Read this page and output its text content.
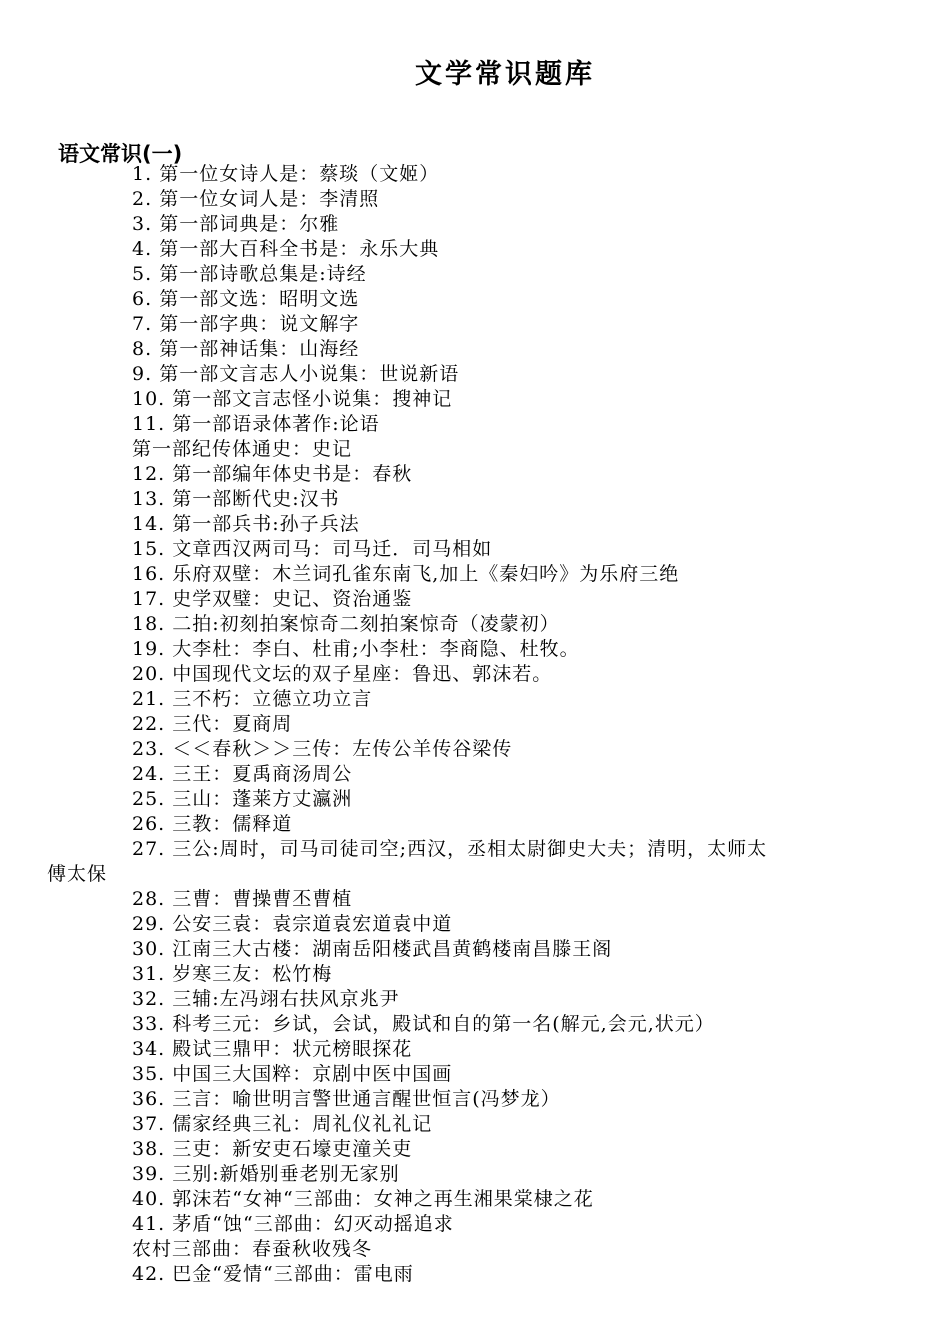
文学常识题库
语文常识(一)
1. 第一位女诗人是：蔡琰（文姬）
2. 第一位女词人是：李清照
3. 第一部词典是：尔雅
4. 第一部大百科全书是：永乐大典
5. 第一部诗歌总集是:诗经
6. 第一部文选：昭明文选
7. 第一部字典：说文解字
8. 第一部神话集：山海经
9. 第一部文言志人小说集：世说新语
10. 第一部文言志怪小说集：搜神记
11. 第一部语录体著作:论语
第一部纪传体通史：史记
12. 第一部编年体史书是：春秋
13. 第一部断代史:汉书
14. 第一部兵书:孙子兵法
15. 文章西汉两司马：司马迁．司马相如
16. 乐府双壁：木兰词孔雀东南飞,加上《秦妇吟》为乐府三绝
17. 史学双璧：史记、资治通鉴
18. 二拍:初刻拍案惊奇二刻拍案惊奇（凌蒙初）
19. 大李杜：李白、杜甫;小李杜：李商隐、杜牧。
20. 中国现代文坛的双子星座：鲁迅、郭沫若。
21. 三不朽：立德立功立言
22. 三代：夏商周
23. ＜＜春秋＞＞三传：左传公羊传谷梁传
24. 三王：夏禹商汤周公
25. 三山：蓬莱方丈瀛洲
26. 三教：儒释道
27. 三公:周时，司马司徒司空;西汉，丞相太尉御史大夫；清明，太师太
傅太保
28. 三曹：曹操曹丕曹植
29. 公安三袁：袁宗道袁宏道袁中道
30. 江南三大古楼：湖南岳阳楼武昌黄鹤楼南昌滕王阁
31. 岁寒三友：松竹梅
32. 三辅:左冯翊右扶风京兆尹
33. 科考三元：乡试，会试，殿试和自的第一名(解元,会元,状元）
34. 殿试三鼎甲：状元榜眼探花
35. 中国三大国粹：京剧中医中国画
36. 三言：喻世明言警世通言醒世恒言(冯梦龙）
37. 儒家经典三礼：周礼仪礼礼记
38. 三吏：新安吏石壕吏潼关吏
39. 三别:新婚别垂老别无家别
40. 郭沫若“女神“三部曲：女神之再生湘果棠棣之花
41. 茅盾“蚀“三部曲：幻灭动摇追求
农村三部曲：春蚕秋收残冬
42. 巴金“爱情“三部曲：雷电雨
